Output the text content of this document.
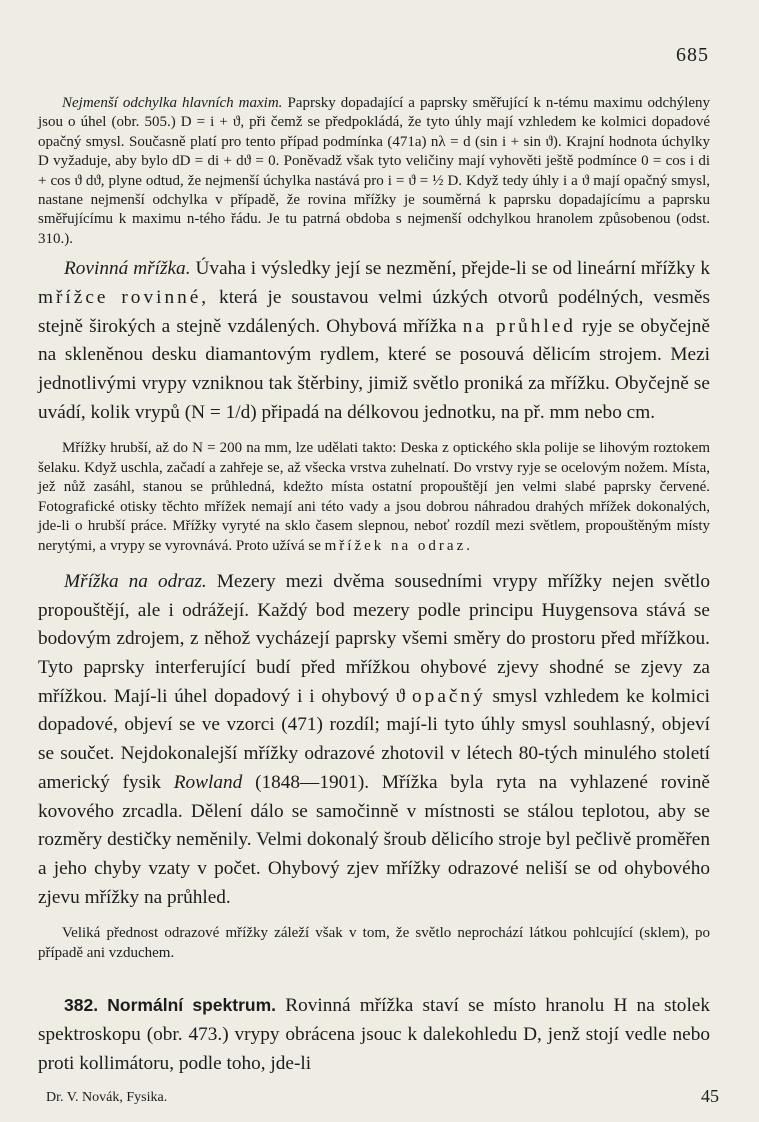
685

Nejmenší odchylka hlavních maxim. Paprsky dopadající a paprsky směřující k n-tému maximu odchýleny jsou o úhel (obr. 505.) D = i + ϑ, při čemž se předpokládá, že tyto úhly mají vzhledem ke kolmici dopadové opačný smysl. Současně platí pro tento případ podmínka (471a) nλ = d (sin i + sin ϑ). Krajní hodnota úchylky D vyžaduje, aby bylo dD = di + dϑ = 0. Poněvadž však tyto veličiny mají vyhověti ještě podmínce 0 = cos i di + cos ϑ dϑ, plyne odtud, že nejmenší úchylka nastává pro i = ϑ = ½ D. Když tedy úhly i a ϑ mají opačný smysl, nastane nejmenší odchylka v případě, že rovina mřížky je souměrná k paprsku dopadajícímu a paprsku směřujícímu k maximu n-tého řádu. Je tu patrná obdoba s nejmenší odchylkou hranolem způsobenou (odst. 310.).

Rovinná mřížka. Úvaha i výsledky její se nezmění, přejde-li se od lineární mřížky k mřížce rovinné, která je soustavou velmi úzkých otvorů podélných, vesměs stejně širokých a stejně vzdálených. Ohybová mřížka na průhled ryje se obyčejně na skleněnou desku diamantovým rydlem, které se posouvá dělicím strojem. Mezi jednotlivými vrypy vzniknou tak štěrbiny, jimiž světlo proniká za mřížku. Obyčejně se uvádí, kolik vrypů (N = 1/d) připadá na délkovou jednotku, na př. mm nebo cm.

Mřížky hrubší, až do N = 200 na mm, lze udělati takto: Deska z optického skla polije se lihovým roztokem šelaku. Když uschla, začadí a zahřeje se, až všecka vrstva zuhelnatí. Do vrstvy ryje se ocelovým nožem. Místa, jež nůž zasáhl, stanou se průhledná, kdežto místa ostatní propouštějí jen velmi slabé paprsky červené. Fotografické otisky těchto mřížek nemají ani této vady a jsou dobrou náhradou drahých mřížek dokonalých, jde-li o hrubší práce. Mřížky vyryté na sklo časem slepnou, neboť rozdíl mezi světlem, propouštěným místy nerytými, a vrypy se vyrovnává. Proto užívá se mřížek na odraz.

Mřížka na odraz. Mezery mezi dvěma sousedními vrypy mřížky nejen světlo propouštějí, ale i odrážejí. Každý bod mezery podle principu Huygensova stává se bodovým zdrojem, z něhož vycházejí paprsky všemi směry do prostoru před mřížkou. Tyto paprsky interferující budí před mřížkou ohybové zjevy shodné se zjevy za mřížkou. Mají-li úhel dopadový i i ohybový ϑ opačný smysl vzhledem ke kolmici dopadové, objeví se ve vzorci (471) rozdíl; mají-li tyto úhly smysl souhlasný, objeví se součet. Nejdokonalejší mřížky odrazové zhotovil v létech 80-tých minulého století americký fysik Rowland (1848—1901). Mřížka byla ryta na vyhlazené rovině kovového zrcadla. Dělení dálo se samočinně v místnosti se stálou teplotou, aby se rozměry destičky neměnily. Velmi dokonalý šroub dělicího stroje byl pečlivě proměřen a jeho chyby vzaty v počet. Ohybový zjev mřížky odrazové neliší se od ohybového zjevu mřížky na průhled.

Veliká přednost odrazové mřížky záleží však v tom, že světlo neprochází látkou pohlcující (sklem), po případě ani vzduchem.

382. Normální spektrum. Rovinná mřížka staví se místo hranolu H na stolek spektroskopu (obr. 473.) vrypy obrácena jsouc k dalekohledu D, jenž stojí vedle nebo proti kollimátoru, podle toho, jde-li

Dr. V. Novák, Fysika.	45
